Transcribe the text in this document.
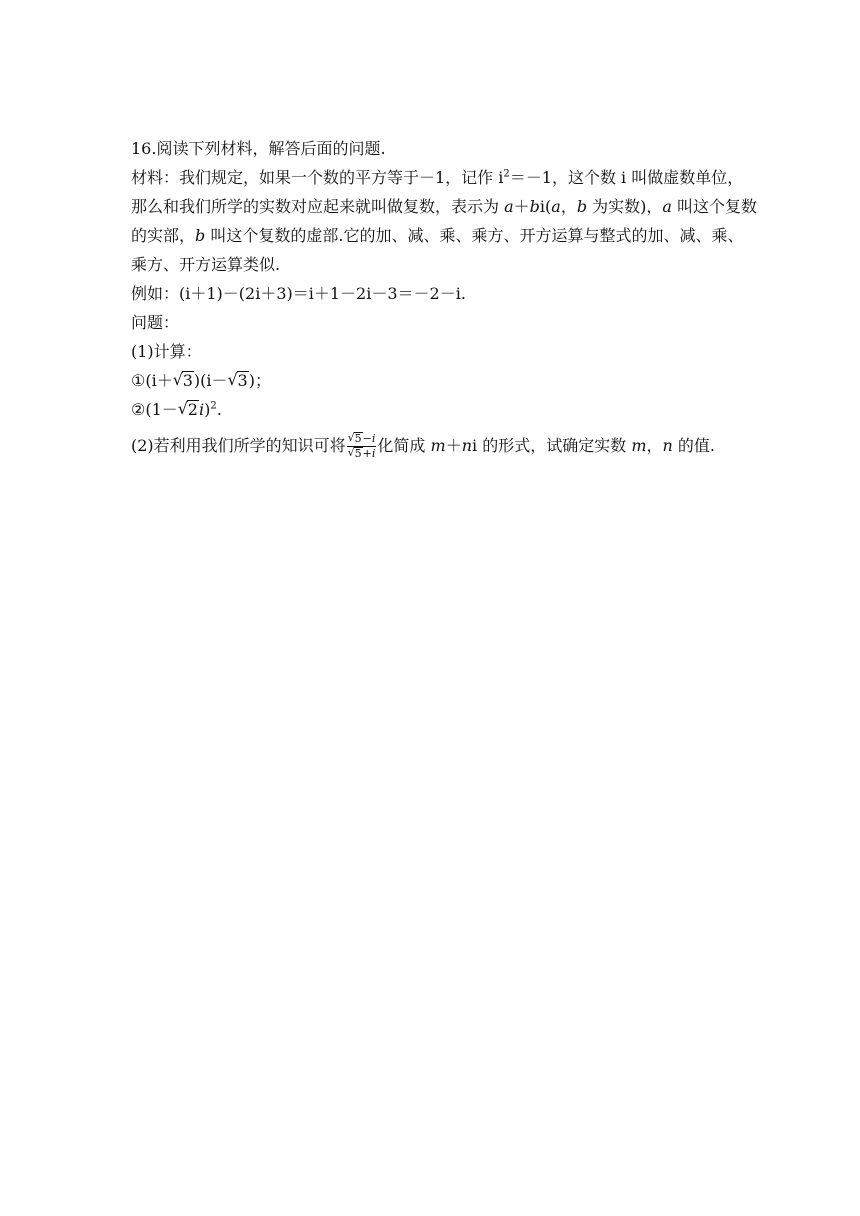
16.阅读下列材料，解答后面的问题.
材料：我们规定，如果一个数的平方等于－1，记作 $i^2=-1$，这个数 i 叫做虚数单位，
那么和我们所学的实数对应起来就叫做复数，表示为 a＋bi(a，b 为实数)，a 叫这个复数
的实部，b 叫这个复数的虚部.它的加、减、乘、乘方、开方运算与整式的加、减、乘、
乘方、开方运算类似.
例如：(i＋1)－(2i＋3)＝i＋1－2i－3＝－2－i.
问题：
(1)计算：
①(i＋ √ 3)(i－ √ 3)；
②(1－ √ 2i)$^2$.
(2)若利用我们所学的知识可将 $\frac{√ 5-i}{√ 5+i}$ 化简成 m＋ni 的形式，试确定实数 m，n 的值.
